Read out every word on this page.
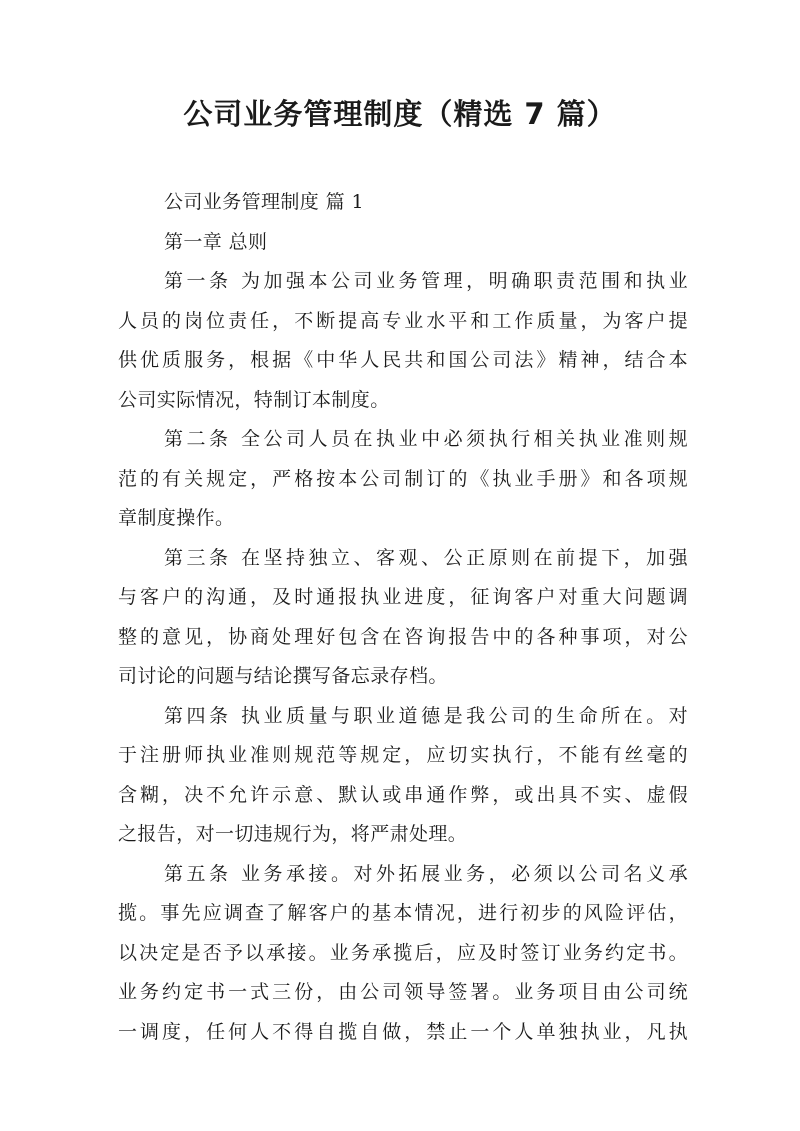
公司业务管理制度（精选 7 篇）
公司业务管理制度 篇 1
第一章 总则
第一条 为加强本公司业务管理，明确职责范围和执业
人员的岗位责任，不断提高专业水平和工作质量，为客户提
供优质服务，根据《中华人民共和国公司法》精神，结合本
公司实际情况，特制订本制度。
第二条 全公司人员在执业中必须执行相关执业准则规
范的有关规定，严格按本公司制订的《执业手册》和各项规
章制度操作。
第三条 在坚持独立、客观、公正原则在前提下，加强
与客户的沟通，及时通报执业进度，征询客户对重大问题调
整的意见，协商处理好包含在咨询报告中的各种事项，对公
司讨论的问题与结论撰写备忘录存档。
第四条 执业质量与职业道德是我公司的生命所在。对
于注册师执业准则规范等规定，应切实执行，不能有丝毫的
含糊，决不允许示意、默认或串通作弊，或出具不实、虚假
之报告，对一切违规行为，将严肃处理。
第五条 业务承接。对外拓展业务，必须以公司名义承
揽。事先应调查了解客户的基本情况，进行初步的风险评估，
以决定是否予以承接。业务承揽后，应及时签订业务约定书。
业务约定书一式三份，由公司领导签署。业务项目由公司统
一调度，任何人不得自揽自做，禁止一个人单独执业，凡执
